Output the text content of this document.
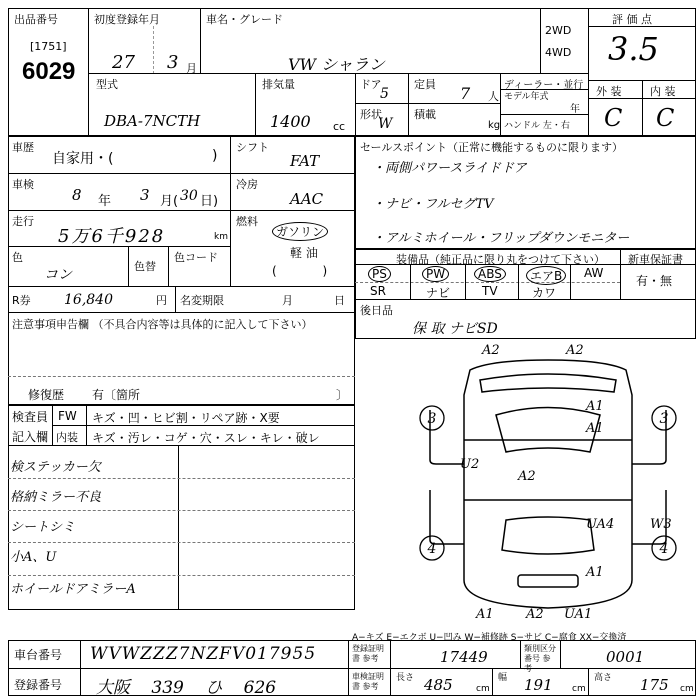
出品番号
[1751]
6029
初度登録年月
27 3 月
車名・グレード
VW シャラン
2WD
4WD
評 価 点
3.5
型式
DBA-7NCTH
排気量
1400 cc
ドア
5
定員 7 人
形状
W
積載
kg
ディーラー・並行
モデル年式
年
ハンドル 左・右
外 装	内 装
C C
車歴
自家用・(	)
シフト
FAT
車検
8 年 3 月( 30 日)
冷房
AAC
走行
5万6千928	km
燃料
ガソリン
軽 油
(            )
色
コン
色替
色コード
R券 16,840	円 名変期限	月	日
注意事項申告欄 （不具合内容等は具体的に記入して下さい）
修復歴 有〔箇所	〕
セールスポイント（正常に機能するものに限ります）
・両側パワースライドドア
・ナビ・フルセグTV
・アルミホイール・フリップダウンモニター
装備品（純正品に限り丸をつけて下さい） 新車保証書
PS	PW	ABS	エアB	AW
SR	ナビ	TV	カワ
有・無
後日品
保 取 ナビSD
検査員
記入欄
FW キズ・凹・ヒビ割・リペア跡・X要
内装 キズ・汚レ・コゲ・穴・スレ・キレ・破レ
検ステッカー欠
格納ミラー不良
シートシミ
小A、U
ホイールドアミラーA
A2	A2
A1
A1
U2
A2
UA4	W3
A1 A2 UA1
A1
3	3
4	4
A−キズ E−エクボ U−凹み W−補修跡 S−サビ C−腐食 XX−交換済
車台番号 WVWZZZ7NZFV017955
登録番号 大阪 339 ひ 626
登録証明書 参考	17449	類別区分番号 参考
0001
車検証明書 参考
長さ 485	cm
幅 191 cm
高さ 175 cm
